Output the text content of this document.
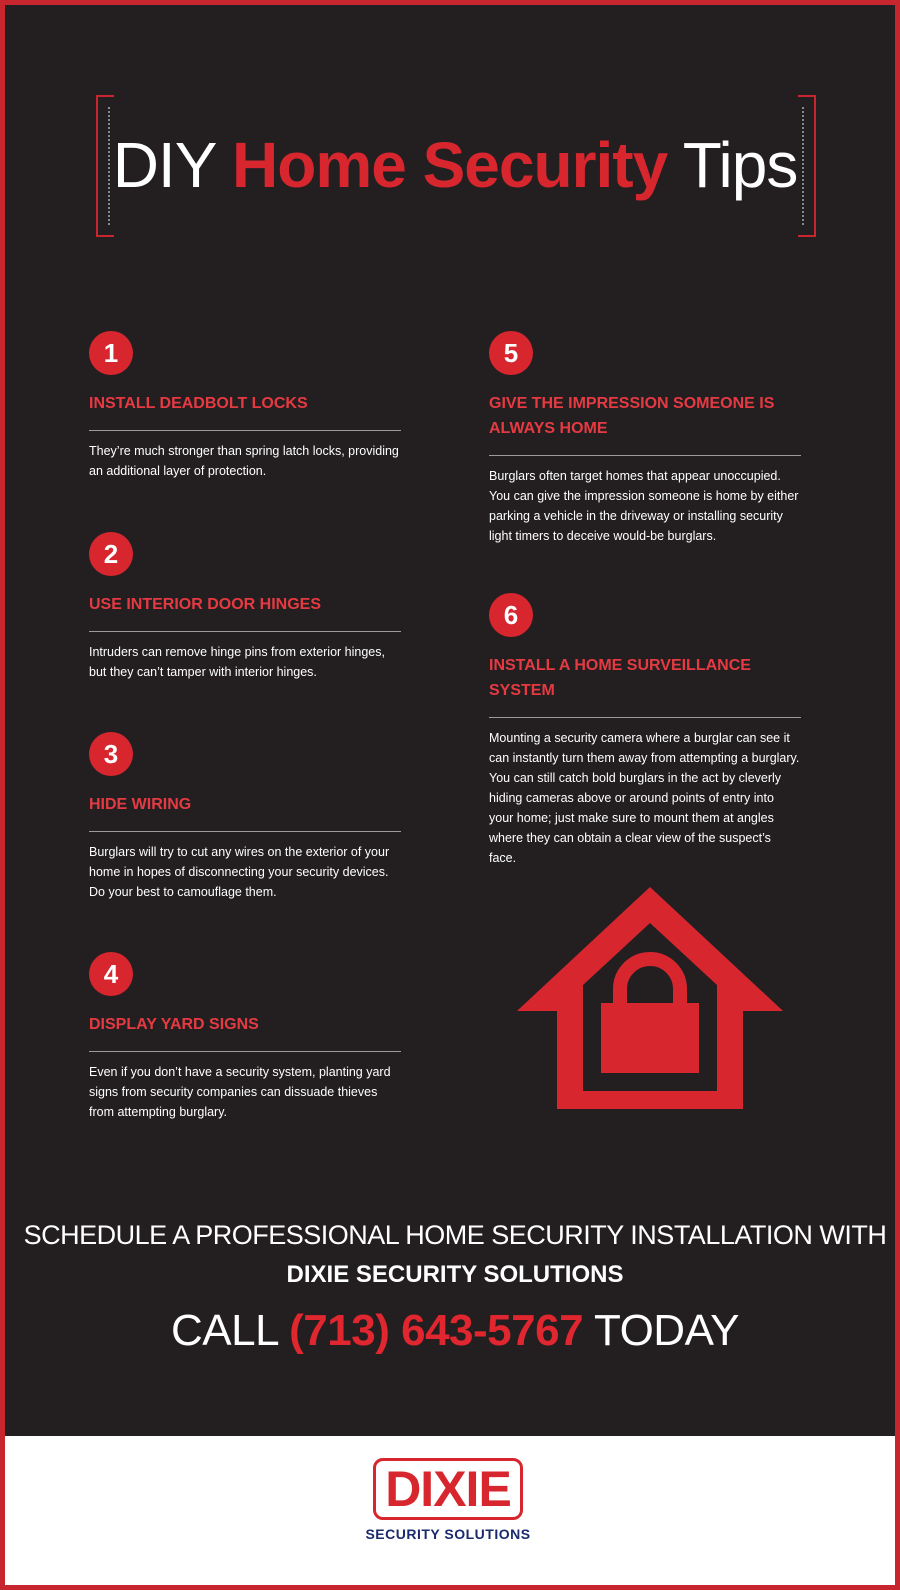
DIY Home Security Tips
1
INSTALL DEADBOLT LOCKS
They’re much stronger than spring latch locks, providing an additional layer of protection.
2
USE INTERIOR DOOR HINGES
Intruders can remove hinge pins from exterior hinges, but they can’t tamper with interior hinges.
3
HIDE WIRING
Burglars will try to cut any wires on the exterior of your home in hopes of disconnecting your security devices. Do your best to camouflage them.
4
DISPLAY YARD SIGNS
Even if you don’t have a security system, planting yard signs from security companies can dissuade thieves from attempting burglary.
5
GIVE THE IMPRESSION SOMEONE IS ALWAYS HOME
Burglars often target homes that appear unoccupied. You can give the impression someone is home by either parking a vehicle in the driveway or installing security light timers to deceive would-be burglars.
6
INSTALL A HOME SURVEILLANCE SYSTEM
Mounting a security camera where a burglar can see it can instantly turn them away from attempting a burglary. You can still catch bold burglars in the act by cleverly hiding cameras above or around points of entry into your home; just make sure to mount them at angles where they can obtain a clear view of the suspect’s face.
SCHEDULE A PROFESSIONAL HOME SECURITY INSTALLATION WITH
DIXIE SECURITY SOLUTIONS
CALL (713) 643-5767 TODAY
DIXIE
SECURITY SOLUTIONS
